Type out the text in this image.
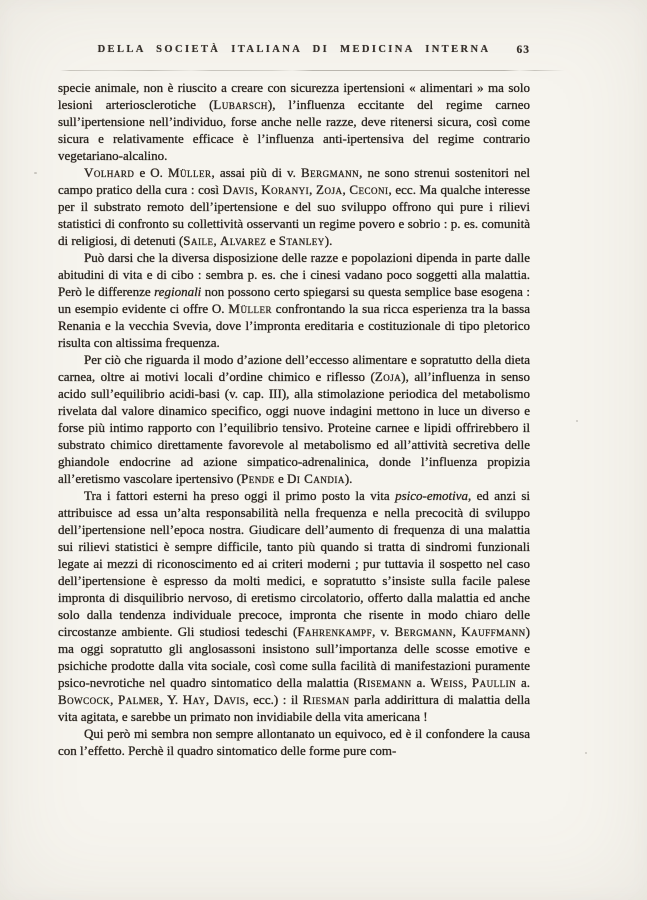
DELLA SOCIETÀ ITALIANA DI MEDICINA INTERNA	63

specie animale, non è riuscito a creare con sicurezza ipertensioni « alimentari » ma solo lesioni arteriosclerotiche (Lubarsch), l’influenza eccitante del regime carneo sull’ipertensione nell’individuo, forse anche nelle razze, deve ritenersi sicura, così come sicura e relativamente efficace è l’influenza anti-ipertensiva del regime contrario vegetariano-alcalino.

Volhard e O. Müller, assai più di v. Bergmann, ne sono strenui sostenitori nel campo pratico della cura : così Davis, Koranyi, Zoja, Ceconi, ecc. Ma qualche interesse per il substrato remoto dell’ipertensione e del suo sviluppo offrono qui pure i rilievi statistici di confronto su collettività osservanti un regime povero e sobrio : p. es. comunità di religiosi, di detenuti (Saile, Alvarez e Stanley).

Può darsi che la diversa disposizione delle razze e popolazioni dipenda in parte dalle abitudini di vita e di cibo : sembra p. es. che i cinesi vadano poco soggetti alla malattia. Però le differenze regionali non possono certo spiegarsi su questa semplice base esogena : un esempio evidente ci offre O. Müller confrontando la sua ricca esperienza tra la bassa Renania e la vecchia Svevia, dove l’impronta ereditaria e costituzionale di tipo pletorico risulta con altissima frequenza.

Per ciò che riguarda il modo d’azione dell’eccesso alimentare e sopratutto della dieta carnea, oltre ai motivi locali d’ordine chimico e riflesso (Zoja), all’influenza in senso acido sull’equilibrio acidi-basi (v. cap. III), alla stimolazione periodica del metabolismo rivelata dal valore dinamico specifico, oggi nuove indagini mettono in luce un diverso e forse più intimo rapporto con l’equilibrio tensivo. Proteine carnee e lipidi offrirebbero il substrato chimico direttamente favorevole al metabolismo ed all’attività secretiva delle ghiandole endocrine ad azione simpatico-adrenalinica, donde l’influenza propizia all’eretismo vascolare ipertensivo (Pende e Di Candia).

Tra i fattori esterni ha preso oggi il primo posto la vita psico-emotiva, ed anzi si attribuisce ad essa un’alta responsabilità nella frequenza e nella precocità di sviluppo dell’ipertensione nell’epoca nostra. Giudicare dell’aumento di frequenza di una malattia sui rilievi statistici è sempre difficile, tanto più quando si tratta di sindromi funzionali legate ai mezzi di riconoscimento ed ai criteri moderni ; pur tuttavia il sospetto nel caso dell’ipertensione è espresso da molti medici, e sopratutto s’insiste sulla facile palese impronta di disquilibrio nervoso, di eretismo circolatorio, offerto dalla malattia ed anche solo dalla tendenza individuale precoce, impronta che risente in modo chiaro delle circostanze ambiente. Gli studiosi tedeschi (Fahrenkampf, v. Bergmann, Kauffmann) ma oggi sopratutto gli anglosassoni insistono sull’importanza delle scosse emotive e psichiche prodotte dalla vita sociale, così come sulla facilità di manifestazioni puramente psico-nevrotiche nel quadro sintomatico della malattia (Risemann a. Weiss, Paullin a. Bowcock, Palmer, Y. Hay, Davis, ecc.) : il Riesman parla addirittura di malattia della vita agitata, e sarebbe un primato non invidiabile della vita americana !

Qui però mi sembra non sempre allontanato un equivoco, ed è il confondere la causa con l’effetto. Perchè il quadro sintomatico delle forme pure com-
